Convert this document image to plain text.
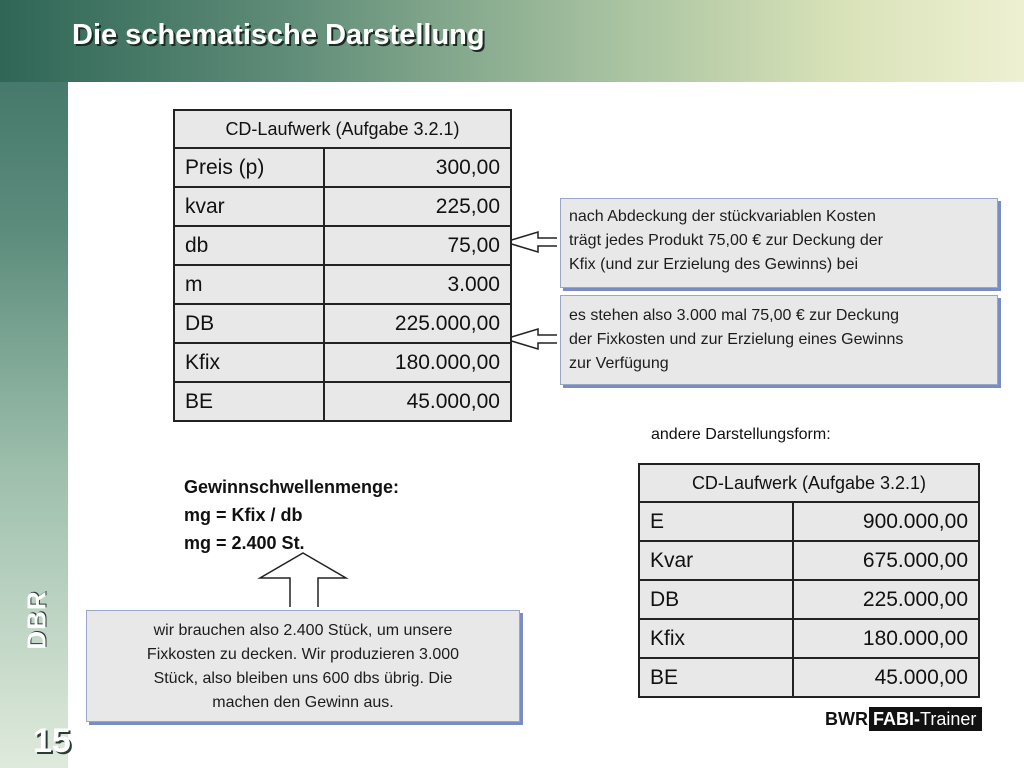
Die schematische Darstellung
DBR
15
CD-Laufwerk (Aufgabe 3.2.1)	
Preis (p)	300,00
kvar	225,00
db	75,00
m	3.000
DB	225.000,00
Kfix	180.000,00
BE	45.000,00
nach Abdeckung der stückvariablen Kosten
trägt jedes Produkt 75,00 € zur Deckung der
Kfix (und zur Erzielung des Gewinns) bei
es stehen also 3.000 mal 75,00 € zur Deckung
der Fixkosten und zur Erzielung eines Gewinns
zur Verfügung
andere Darstellungsform:
Gewinnschwellenmenge:
mg = Kfix / db
mg = 2.400 St.
wir brauchen also 2.400 Stück, um unsere
Fixkosten zu decken. Wir produzieren 3.000
Stück, also bleiben uns 600 dbs übrig. Die
machen den Gewinn aus.
CD-Laufwerk (Aufgabe 3.2.1)	
E	900.000,00
Kvar	675.000,00
DB	225.000,00
Kfix	180.000,00
BE	45.000,00
BWR FABI-Trainer
